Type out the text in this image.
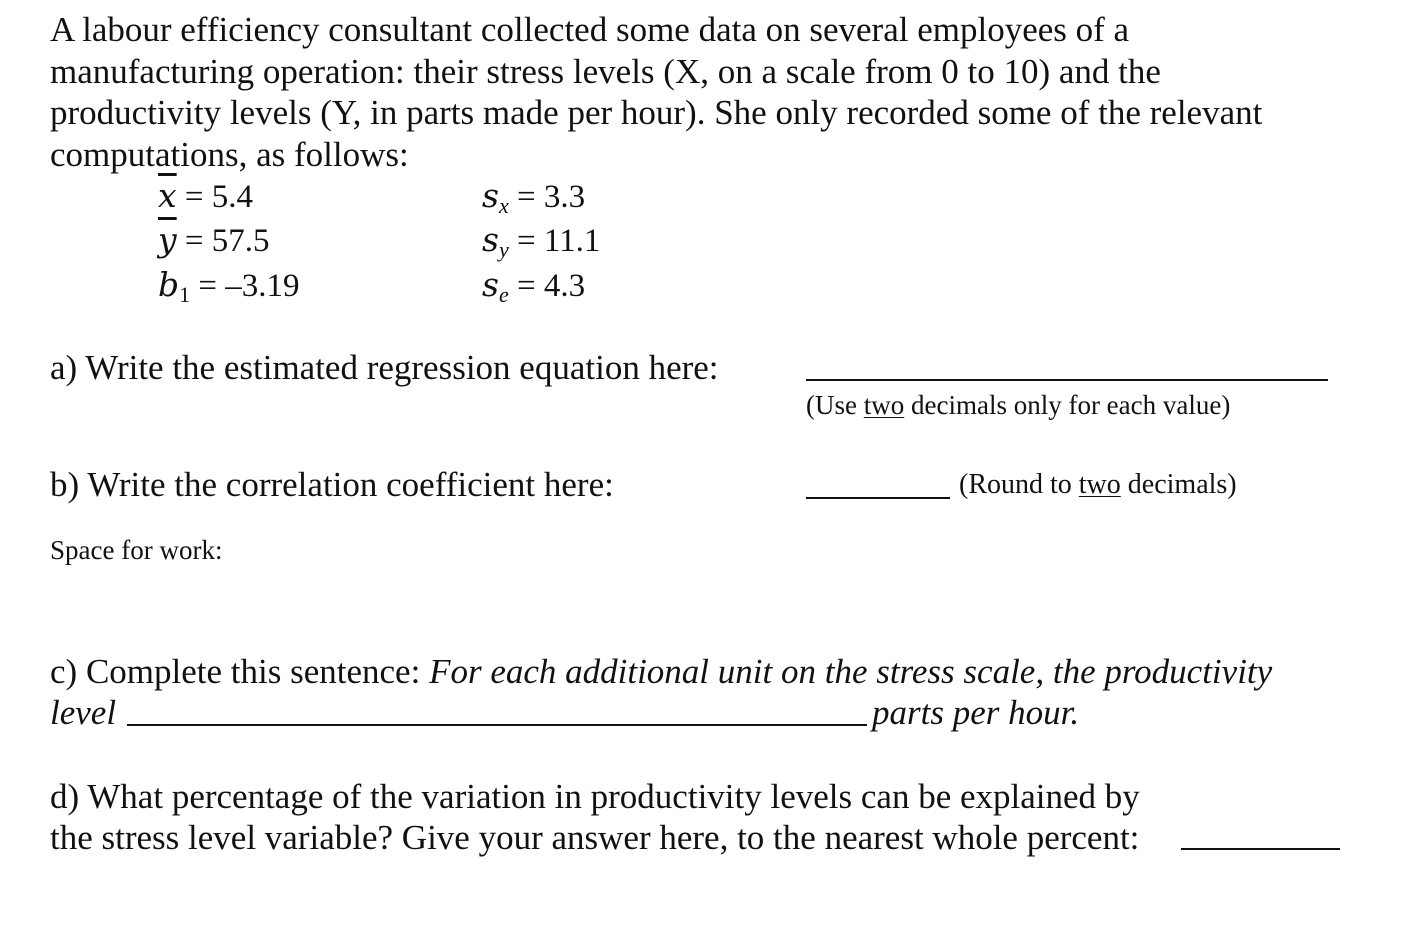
A labour efficiency consultant collected some data on several employees of a
manufacturing operation: their stress levels (X, on a scale from 0 to 10) and the
productivity levels (Y, in parts made per hour). She only recorded some of the relevant
computations, as follows:
$\overline{x} = 5.4$
$\overline{y} = 57.5$
$b_1 = -3.19$
$s_x = 3.3$
$s_y = 11.1$
$s_e = 4.3$
a) Write the estimated regression equation here:
(Use two decimals only for each value)
b) Write the correlation coefficient here:	(Round to two decimals)
Space for work:
c) Complete this sentence: For each additional unit on the stress scale, the productivity
level	parts per hour.
d) What percentage of the variation in productivity levels can be explained by
the stress level variable? Give your answer here, to the nearest whole percent:
